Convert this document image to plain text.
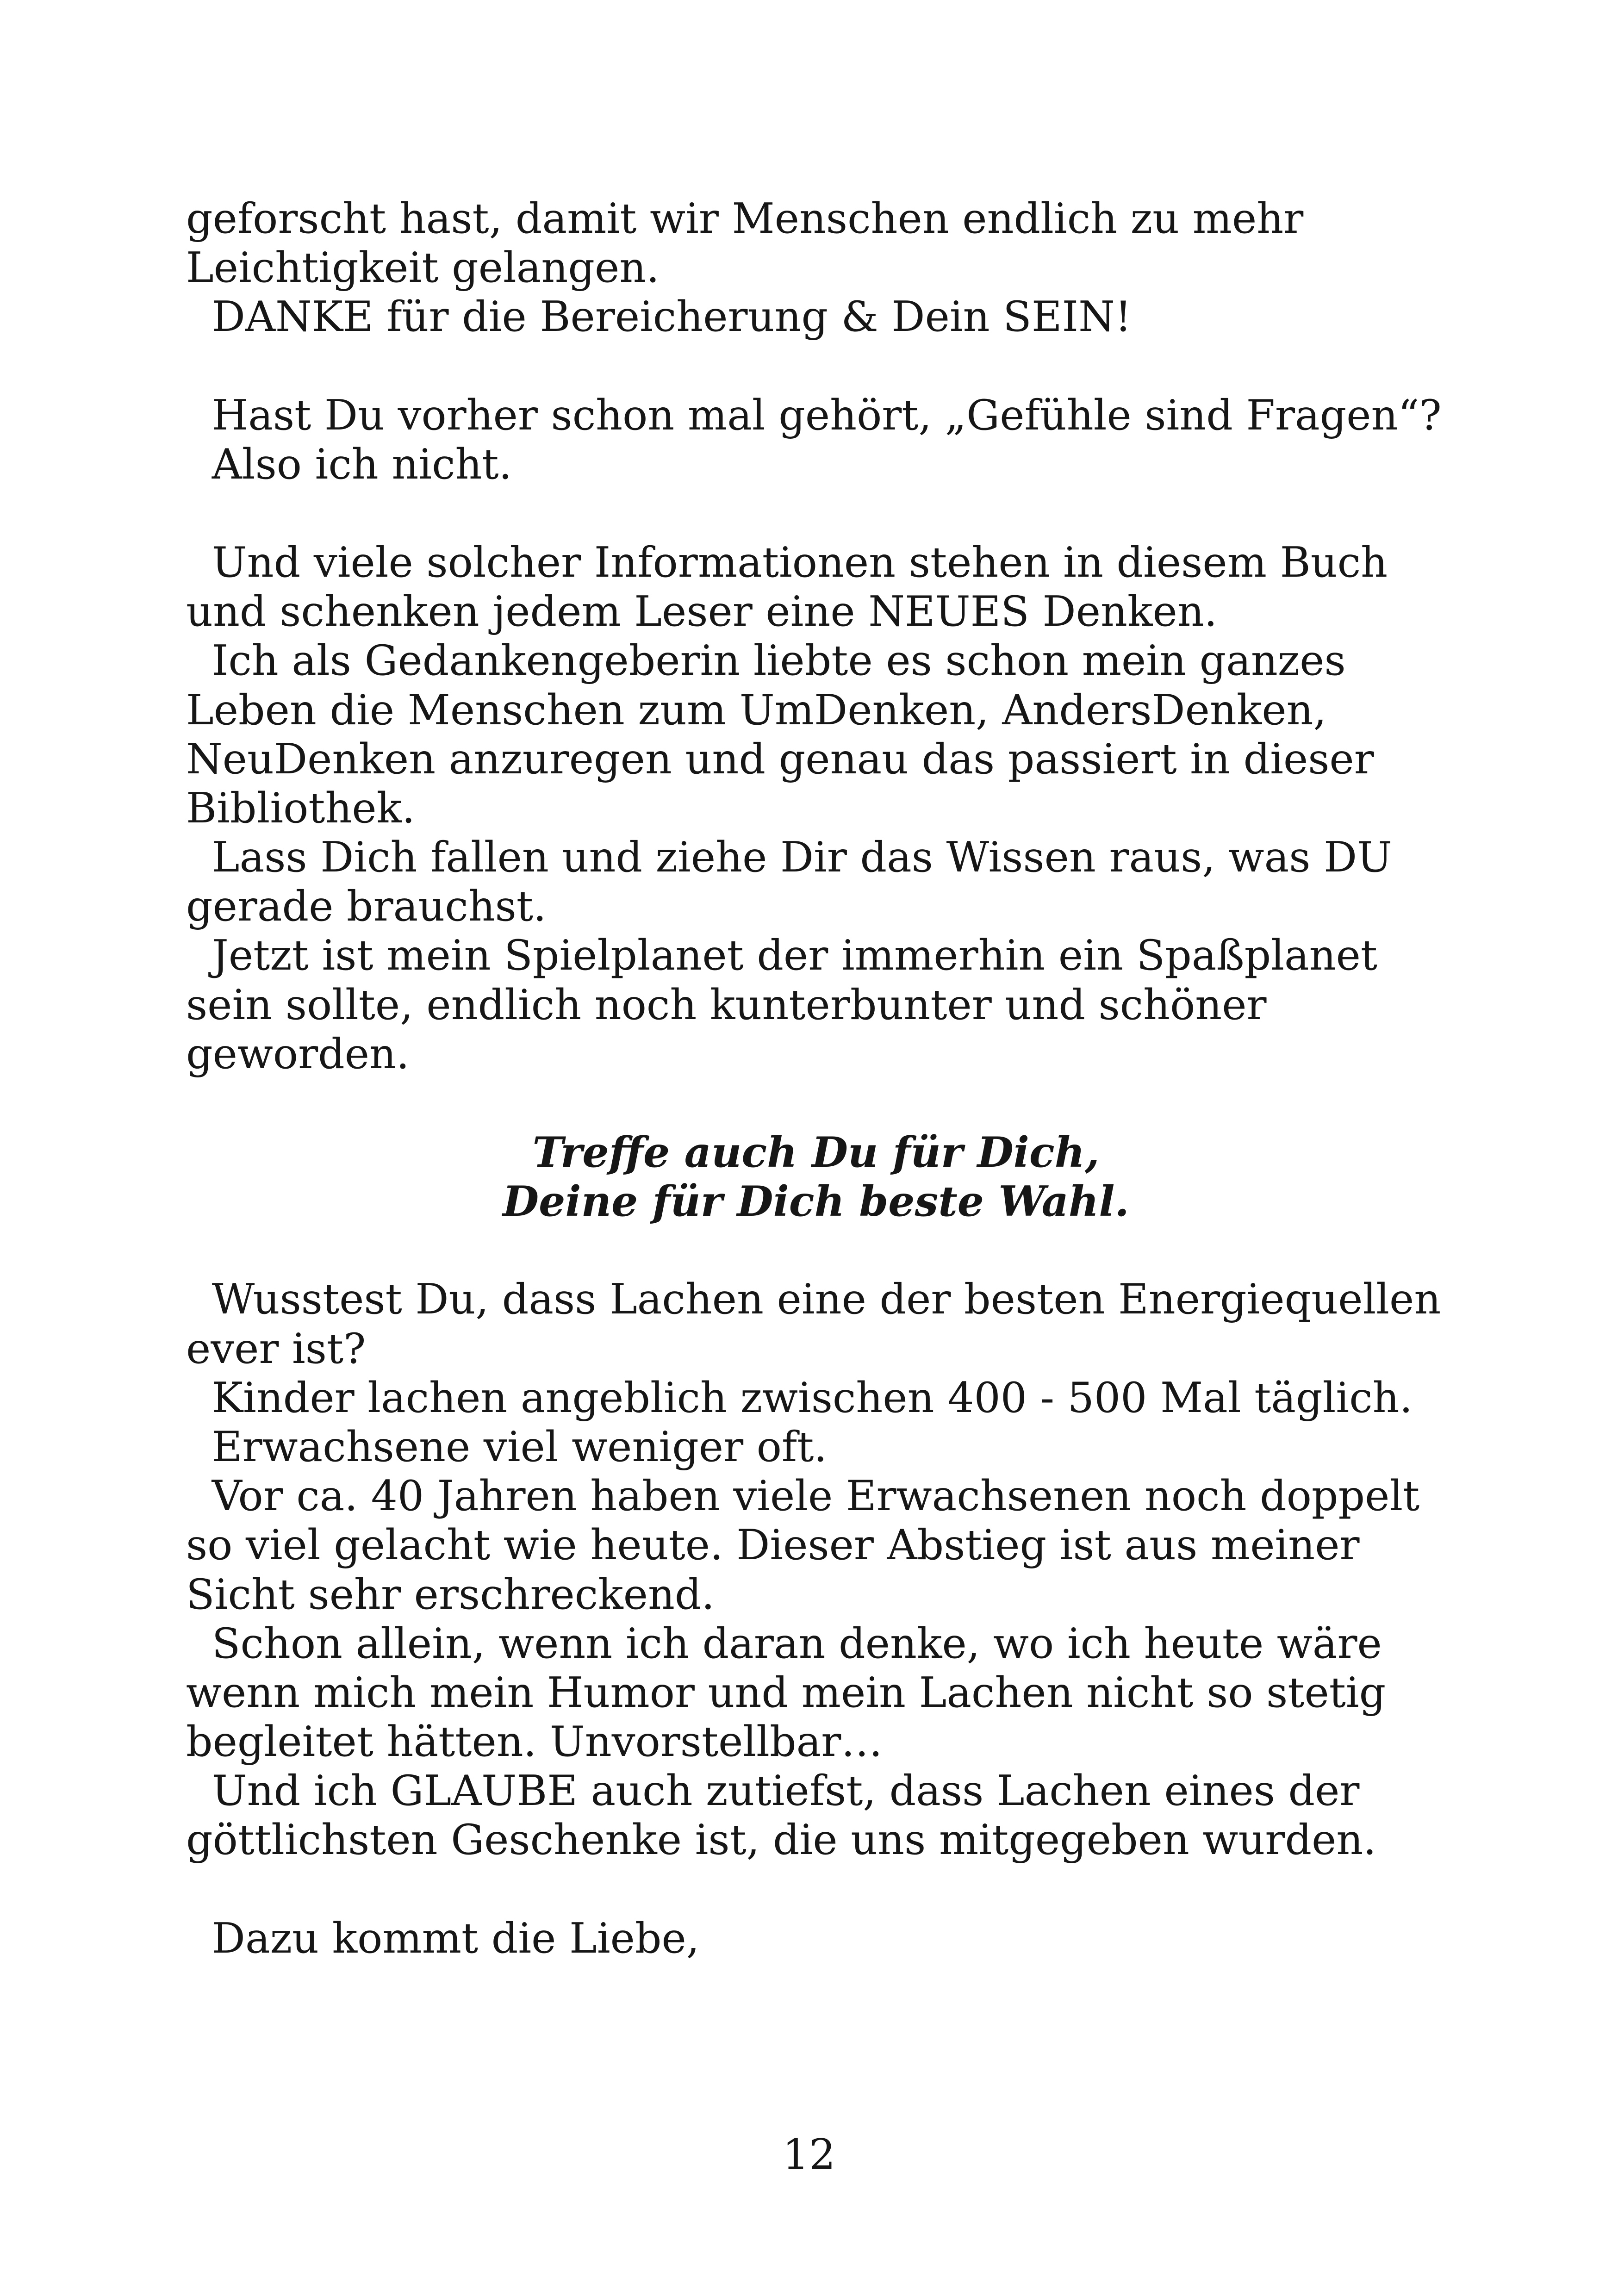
geforscht hast, damit wir Menschen endlich zu mehr Leichtigkeit gelangen.

DANKE für die Bereicherung & Dein SEIN!

Hast Du vorher schon mal gehört, „Gefühle sind Fragen“?

Also ich nicht.

Und viele solcher Informationen stehen in diesem Buch und schenken jedem Leser eine NEUES Denken.

Ich als Gedankengeberin liebte es schon mein ganzes Leben die Menschen zum UmDenken, AndersDenken, NeuDenken anzuregen und genau das passiert in dieser Bibliothek.

Lass Dich fallen und ziehe Dir das Wissen raus, was DU gerade brauchst.

Jetzt ist mein Spielplanet der immerhin ein Spaßplanet sein sollte, endlich noch kunterbunter und schöner geworden.

Treffe auch Du für Dich,

Deine für Dich beste Wahl.

Wusstest Du, dass Lachen eine der besten Energiequellen ever ist?

Kinder lachen angeblich zwischen 400 - 500 Mal täglich.

Erwachsene viel weniger oft.

Vor ca. 40 Jahren haben viele Erwachsenen noch doppelt so viel gelacht wie heute. Dieser Abstieg ist aus meiner Sicht sehr erschreckend.

Schon allein, wenn ich daran denke, wo ich heute wäre wenn mich mein Humor und mein Lachen nicht so stetig begleitet hätten. Unvorstellbar…

Und ich GLAUBE auch zutiefst, dass Lachen eines der göttlichsten Geschenke ist, die uns mitgegeben wurden.

Dazu kommt die Liebe,

12
